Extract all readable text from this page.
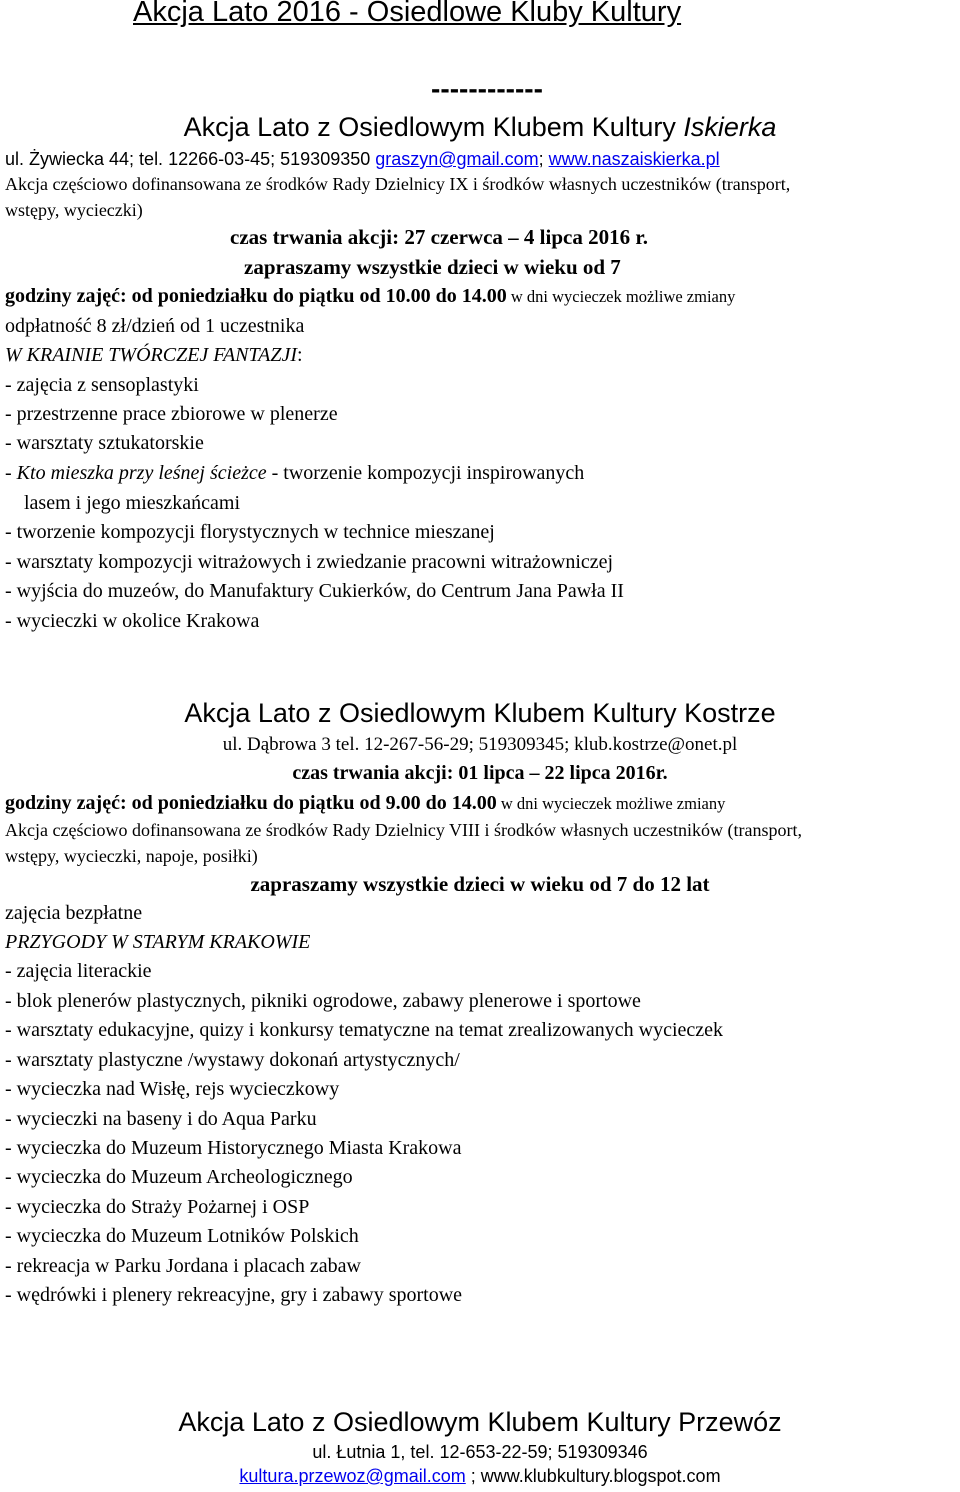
Akcja Lato 2016 - Osiedlowe Kluby Kultury
------------
Akcja Lato z Osiedlowym Klubem Kultury Iskierka
ul. Żywiecka 44; tel. 12266-03-45; 519309350 graszyn@gmail.com; www.naszaiskierka.pl
Akcja częściowo dofinansowana ze środków Rady Dzielnicy IX i środków własnych uczestników (transport,
wstępy, wycieczki)
czas trwania akcji: 27 czerwca – 4 lipca 2016 r.
zapraszamy wszystkie dzieci w wieku od 7
godziny zajęć: od poniedziałku do piątku od 10.00 do 14.00 w dni wycieczek możliwe zmiany
odpłatność 8 zł/dzień od 1 uczestnika
W KRAINIE TWÓRCZEJ FANTAZJI:
- zajęcia z sensoplastyki
- przestrzenne prace zbiorowe w plenerze
- warsztaty sztukatorskie
- Kto mieszka przy leśnej ścieżce - tworzenie kompozycji inspirowanych
lasem i jego mieszkańcami
- tworzenie kompozycji florystycznych w technice mieszanej
- warsztaty kompozycji witrażowych i zwiedzanie pracowni witrażowniczej
- wyjścia do muzeów, do Manufaktury Cukierków, do Centrum Jana Pawła II
- wycieczki w okolice Krakowa
Akcja Lato z Osiedlowym Klubem Kultury Kostrze
ul. Dąbrowa 3 tel. 12-267-56-29; 519309345; klub.kostrze@onet.pl
czas trwania akcji: 01 lipca – 22 lipca 2016r.
godziny zajęć: od poniedziałku do piątku od 9.00 do 14.00 w dni wycieczek możliwe zmiany
Akcja częściowo dofinansowana ze środków Rady Dzielnicy VIII i środków własnych uczestników (transport,
wstępy, wycieczki, napoje, posiłki)
zapraszamy wszystkie dzieci w wieku od 7 do 12 lat
zajęcia bezpłatne
PRZYGODY W STARYM KRAKOWIE
- zajęcia literackie
- blok plenerów plastycznych, pikniki ogrodowe, zabawy plenerowe i sportowe
- warsztaty edukacyjne, quizy i konkursy tematyczne na temat zrealizowanych wycieczek
- warsztaty plastyczne /wystawy dokonań artystycznych/
- wycieczka nad Wisłę, rejs wycieczkowy
- wycieczki na baseny i do Aqua Parku
- wycieczka do Muzeum Historycznego Miasta Krakowa
- wycieczka do Muzeum Archeologicznego
- wycieczka do Straży Pożarnej i OSP
- wycieczka do Muzeum Lotników Polskich
- rekreacja w Parku Jordana i placach zabaw
- wędrówki i plenery rekreacyjne, gry i zabawy sportowe
Akcja Lato z Osiedlowym Klubem Kultury Przewóz
ul. Łutnia 1, tel. 12-653-22-59; 519309346
kultura.przewoz@gmail.com ; www.klubkultury.blogspot.com
